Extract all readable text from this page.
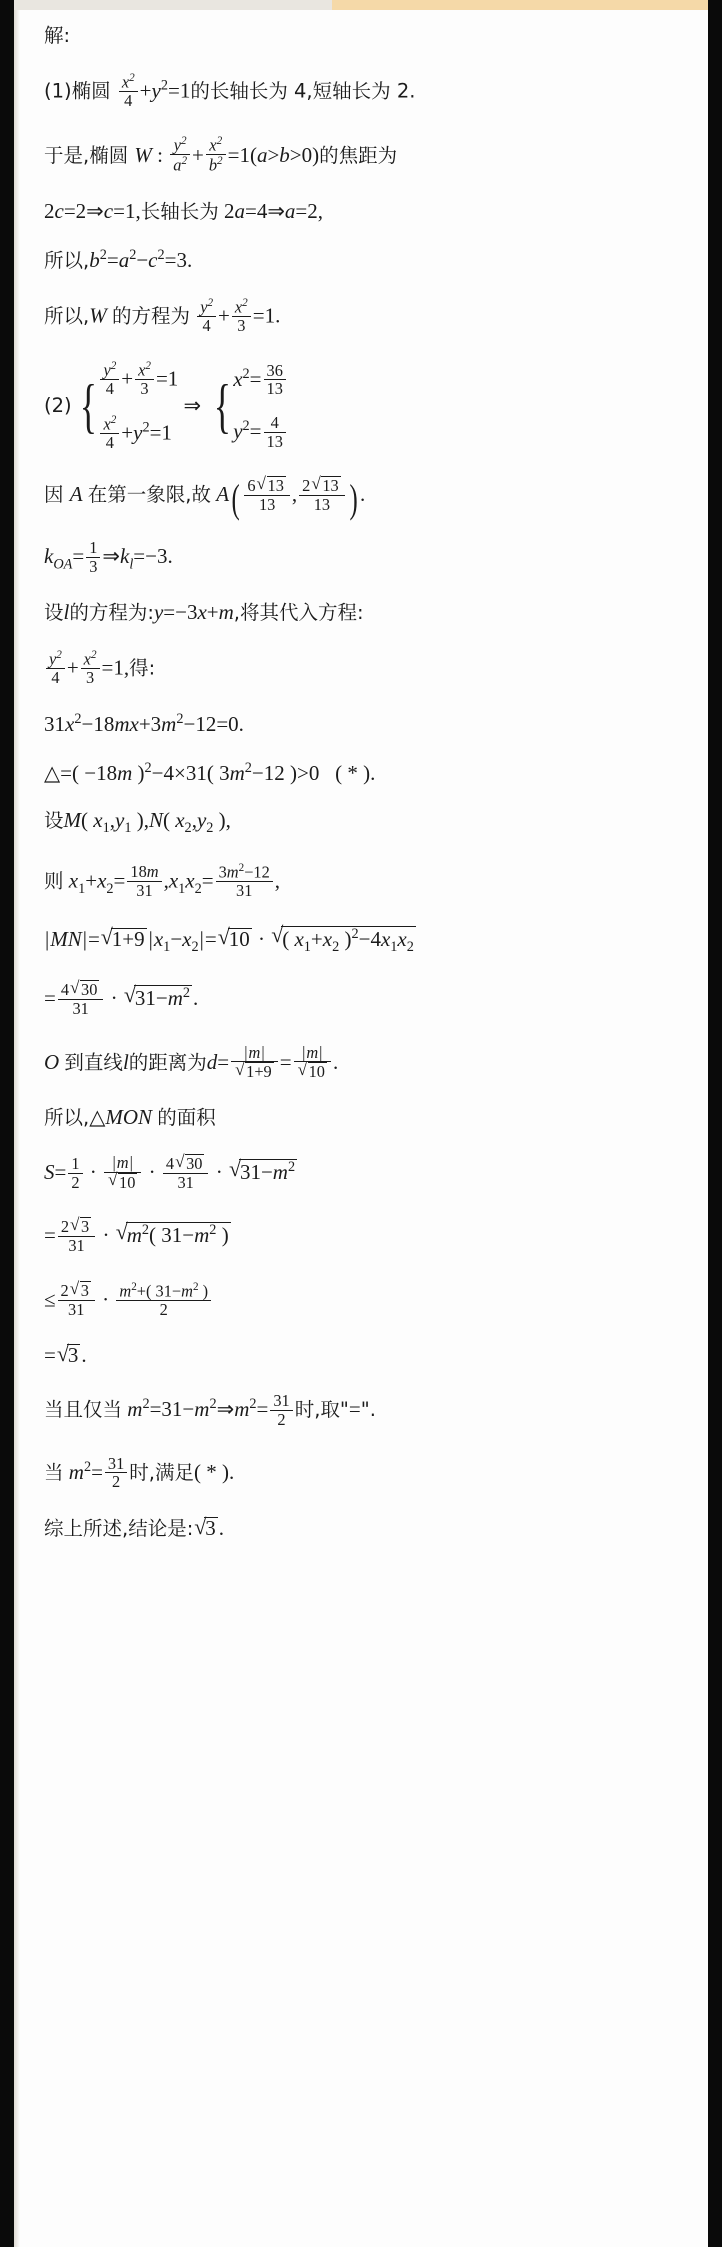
解:
(1)椭圆 $\frac{x^2}{4} +y^2=1$的长轴长为 4,短轴长为 2.
于是,椭圆 W : $\frac{y^2}{a^2} + \frac{x^2}{b^2} =1(a>b>0)$的焦距为
2c=2⇒c=1,长轴长为 2a=4⇒a=2,
所以$,b^2=a^2-c^2=3$.
所以,W 的方程为 $\frac{y^2}{4} + \frac{x^2}{3} =1$.
(2) { $\frac{y^2}{4} + \frac{x^2}{3} =1$
$\frac{x^2}{4} +y^2=1$
⇒ { $x^2= \frac{36}{13}$
$y^2= \frac{4}{13}$
因 A 在第一象限,故 $A( \frac{6 √ 13}{13}$ , $\frac{2 √ 13}{13}$ ) .
$k_{OA}= \frac{1}{3}$ $\Rightarrow k_l=-3$.
设l的方程为:y=−3x+m,将其代入方程:
$\frac{y^2}{4} + \frac{x^2}{3} =1$,得:
$31x^2-18mx+3m^2-12=0$.
△=( −18m )$^2$−4×31( $3m^2-12$ )>0   ( * ).
设M( $x_1,y_1$ ),N( $x_2,y_2$ ),
则 $x_1+x_2= \frac{18m}{31} ,x_1x_2= \frac{3m^2-12}{31}$ ,
|MN|= √ 1+9 $|x_1-x_2|=$ √ 10 · √ ( $x_1+x_2$ )$^2-4x_1x_2$
= $\frac{4 √ 30}{31}$ · √ $31-m^2$ .
O 到直线l的距离为d= |m|
√ 1+9 = |m|
√ 10 .
所以,△MON 的面积
$S= \frac{1}{2} \cdot |m|$
√ $10 \cdot \frac{4 √ 30}{31}$ · √ $31-m^2$
= $\frac{2 √ 3}{31}$ · √ $m^2$( $31-m^2$ )
≤ $\frac{2 √ 3}{31} \cdot \frac{m^2+( 31-m^2 )}{2}$
= √ 3 .
当且仅当 $m^2=31-m^2\Rightarrow m^2= \frac{31}{2}$ 时,取"=".
当 $m^2= \frac{31}{2}$ 时,满足( * ).
综上所述,结论是: √ 3 .
